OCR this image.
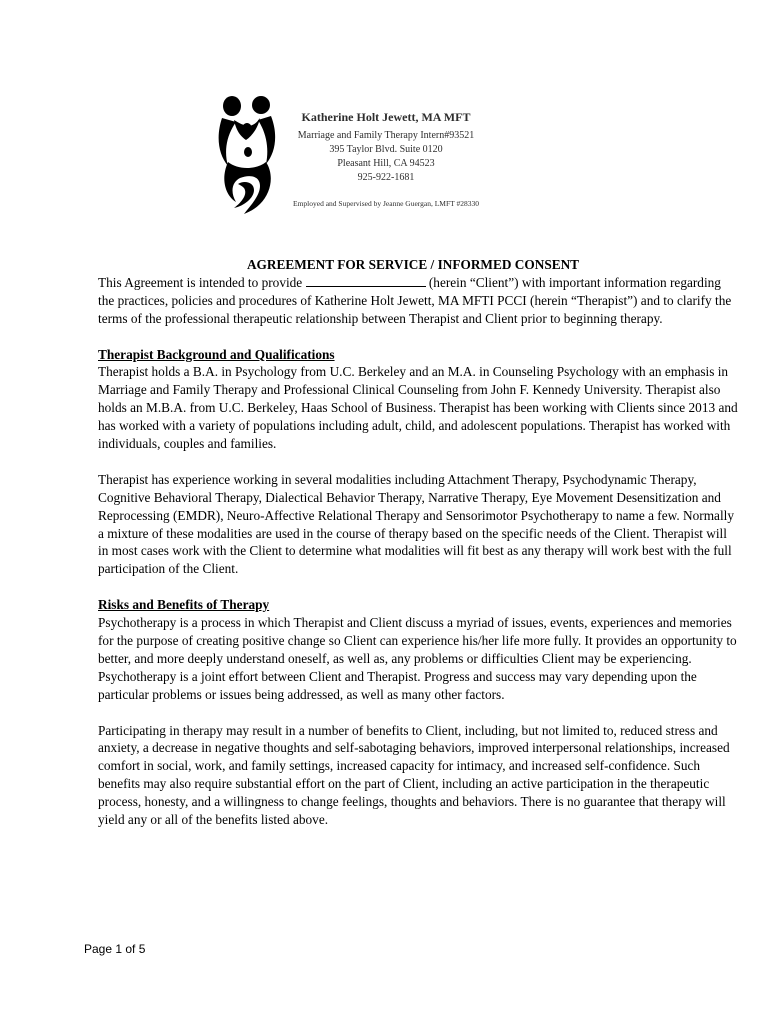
Katherine Holt Jewett, MA MFT
Marriage and Family Therapy Intern#93521
395 Taylor Blvd. Suite 0120
Pleasant Hill, CA 94523
925-922-1681
Employed and Supervised by Jeanne Guergan, LMFT #28330
AGREEMENT FOR SERVICE / INFORMED CONSENT

This Agreement is intended to provide	(herein “Client”) with important information regarding the practices, policies and procedures of Katherine Holt Jewett, MA MFTI PCCI (herein “Therapist”) and to clarify the terms of the professional therapeutic relationship between Therapist and Client prior to beginning therapy.

Therapist Background and Qualifications

Therapist holds a B.A. in Psychology from U.C. Berkeley and an M.A. in Counseling Psychology with an emphasis in Marriage and Family Therapy and Professional Clinical Counseling from John F. Kennedy University. Therapist also holds an M.B.A. from U.C. Berkeley, Haas School of Business. Therapist has been working with Clients since 2013 and has worked with a variety of populations including adult, child, and adolescent populations. Therapist has worked with individuals, couples and families.

Therapist has experience working in several modalities including Attachment Therapy, Psychodynamic Therapy, Cognitive Behavioral Therapy, Dialectical Behavior Therapy, Narrative Therapy, Eye Movement Desensitization and Reprocessing (EMDR), Neuro-Affective Relational Therapy and Sensorimotor Psychotherapy to name a few. Normally a mixture of these modalities are used in the course of therapy based on the specific needs of the Client. Therapist will in most cases work with the Client to determine what modalities will fit best as any therapy will work best with the full participation of the Client.

Risks and Benefits of Therapy

Psychotherapy is a process in which Therapist and Client discuss a myriad of issues, events, experiences and memories for the purpose of creating positive change so Client can experience his/her life more fully. It provides an opportunity to better, and more deeply understand oneself, as well as, any problems or difficulties Client may be experiencing. Psychotherapy is a joint effort between Client and Therapist. Progress and success may vary depending upon the particular problems or issues being addressed, as well as many other factors.

Participating in therapy may result in a number of benefits to Client, including, but not limited to, reduced stress and anxiety, a decrease in negative thoughts and self-sabotaging behaviors, improved interpersonal relationships, increased comfort in social, work, and family settings, increased capacity for intimacy, and increased self-confidence. Such benefits may also require substantial effort on the part of Client, including an active participation in the therapeutic process, honesty, and a willingness to change feelings, thoughts and behaviors. There is no guarantee that therapy will yield any or all of the benefits listed above.

Page 1 of 5
